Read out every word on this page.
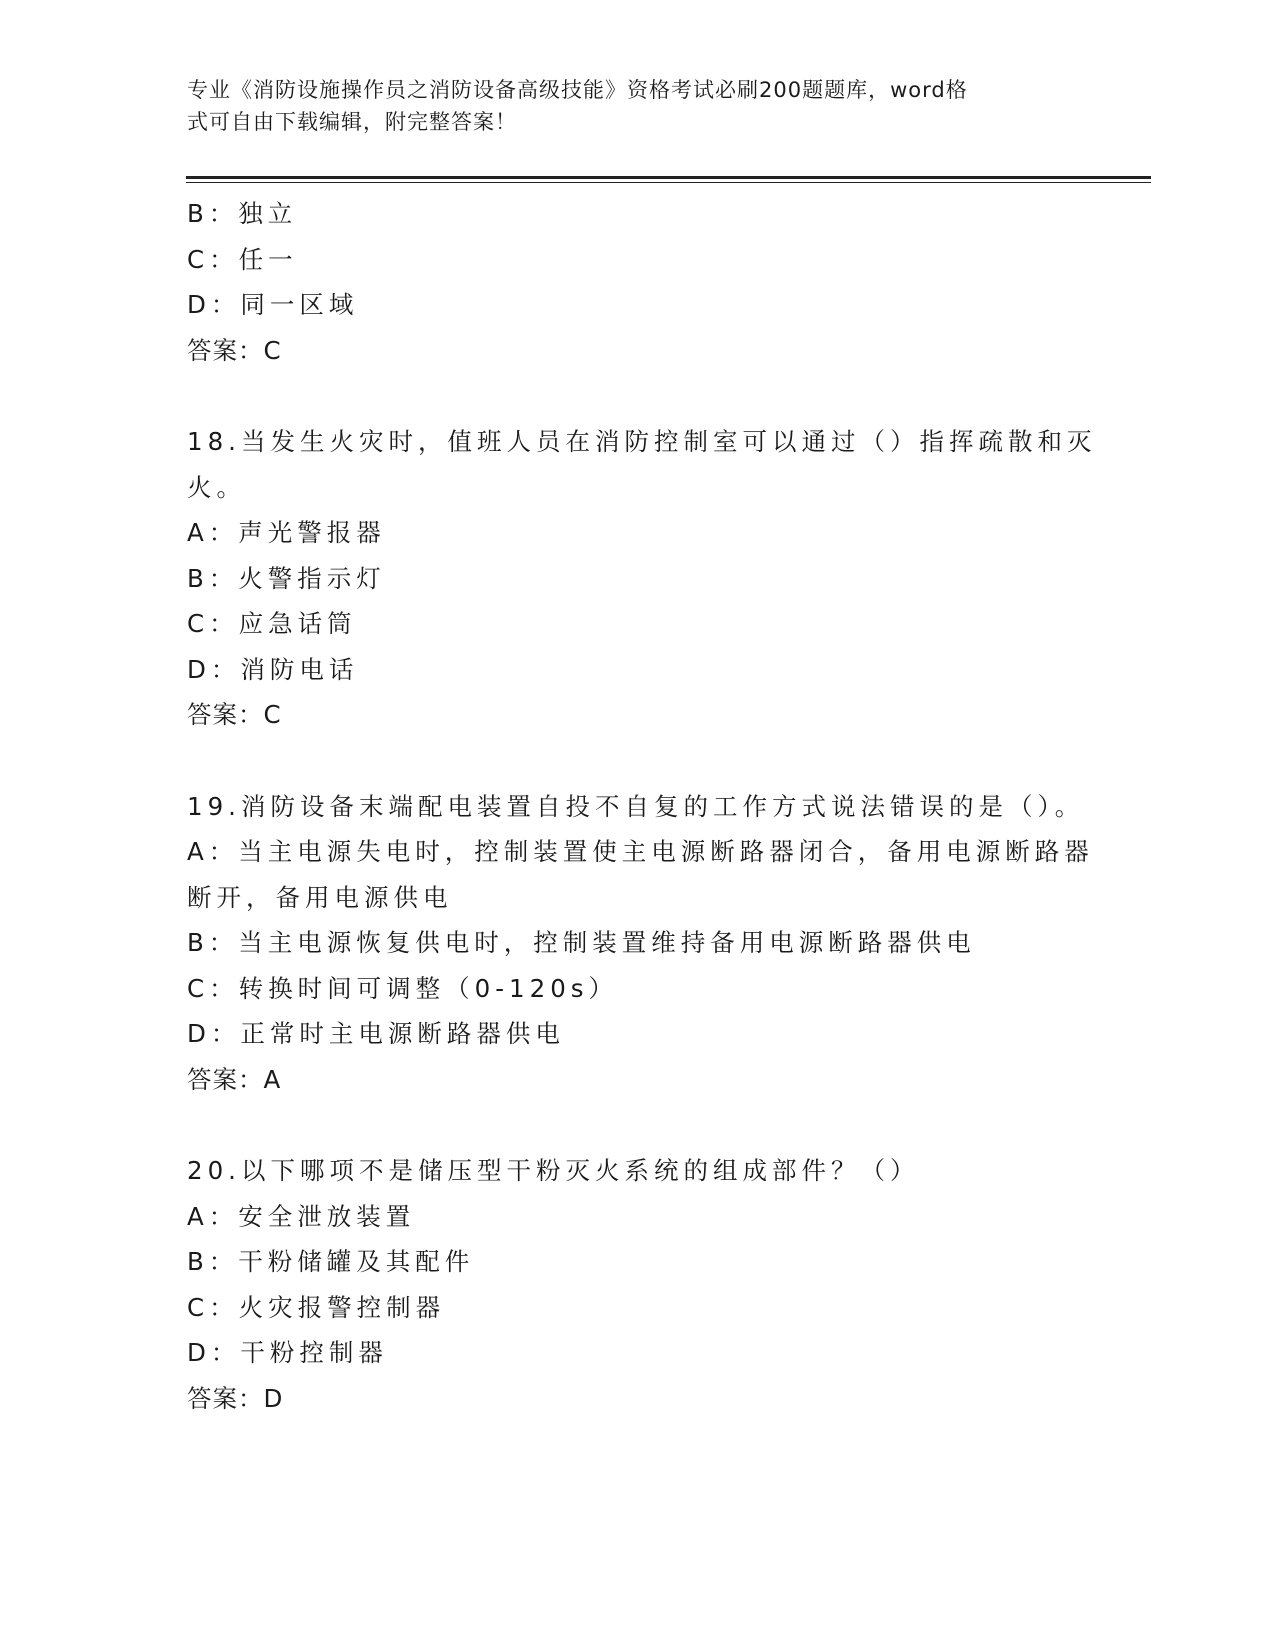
专业《消防设施操作员之消防设备高级技能》资格考试必刷200题题库，word格
式可自由下载编辑，附完整答案！
B：独立
C：任一
D：同一区域
答案：C
18.当发生火灾时，值班人员在消防控制室可以通过（）指挥疏散和灭
火。
A：声光警报器
B：火警指示灯
C：应急话筒
D：消防电话
答案：C
19.消防设备末端配电装置自投不自复的工作方式说法错误的是（）。
A：当主电源失电时，控制装置使主电源断路器闭合，备用电源断路器
断开，备用电源供电
B：当主电源恢复供电时，控制装置维持备用电源断路器供电
C：转换时间可调整（0-120s）
D：正常时主电源断路器供电
答案：A
20.以下哪项不是储压型干粉灭火系统的组成部件？（）
A：安全泄放装置
B：干粉储罐及其配件
C：火灾报警控制器
D：干粉控制器
答案：D
